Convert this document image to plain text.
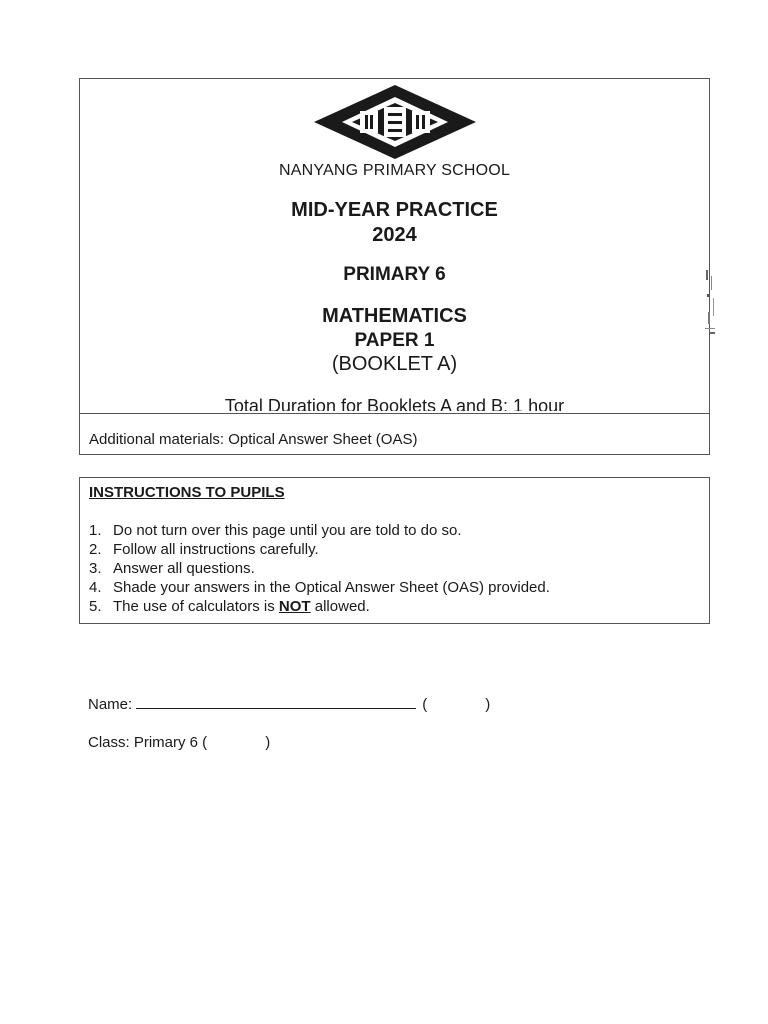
NANYANG PRIMARY SCHOOL
MID-YEAR PRACTICE
2024
PRIMARY 6
MATHEMATICS
PAPER 1
(BOOKLET A)
Total Duration for Booklets A and B: 1 hour
Additional materials: Optical Answer Sheet (OAS)
INSTRUCTIONS TO PUPILS
1. Do not turn over this page until you are told to do so.
2. Follow all instructions carefully.
3. Answer all questions.
4. Shade your answers in the Optical Answer Sheet (OAS) provided.
5. The use of calculators is NOT allowed.
Name:	(	)
Class: Primary 6 (	)
